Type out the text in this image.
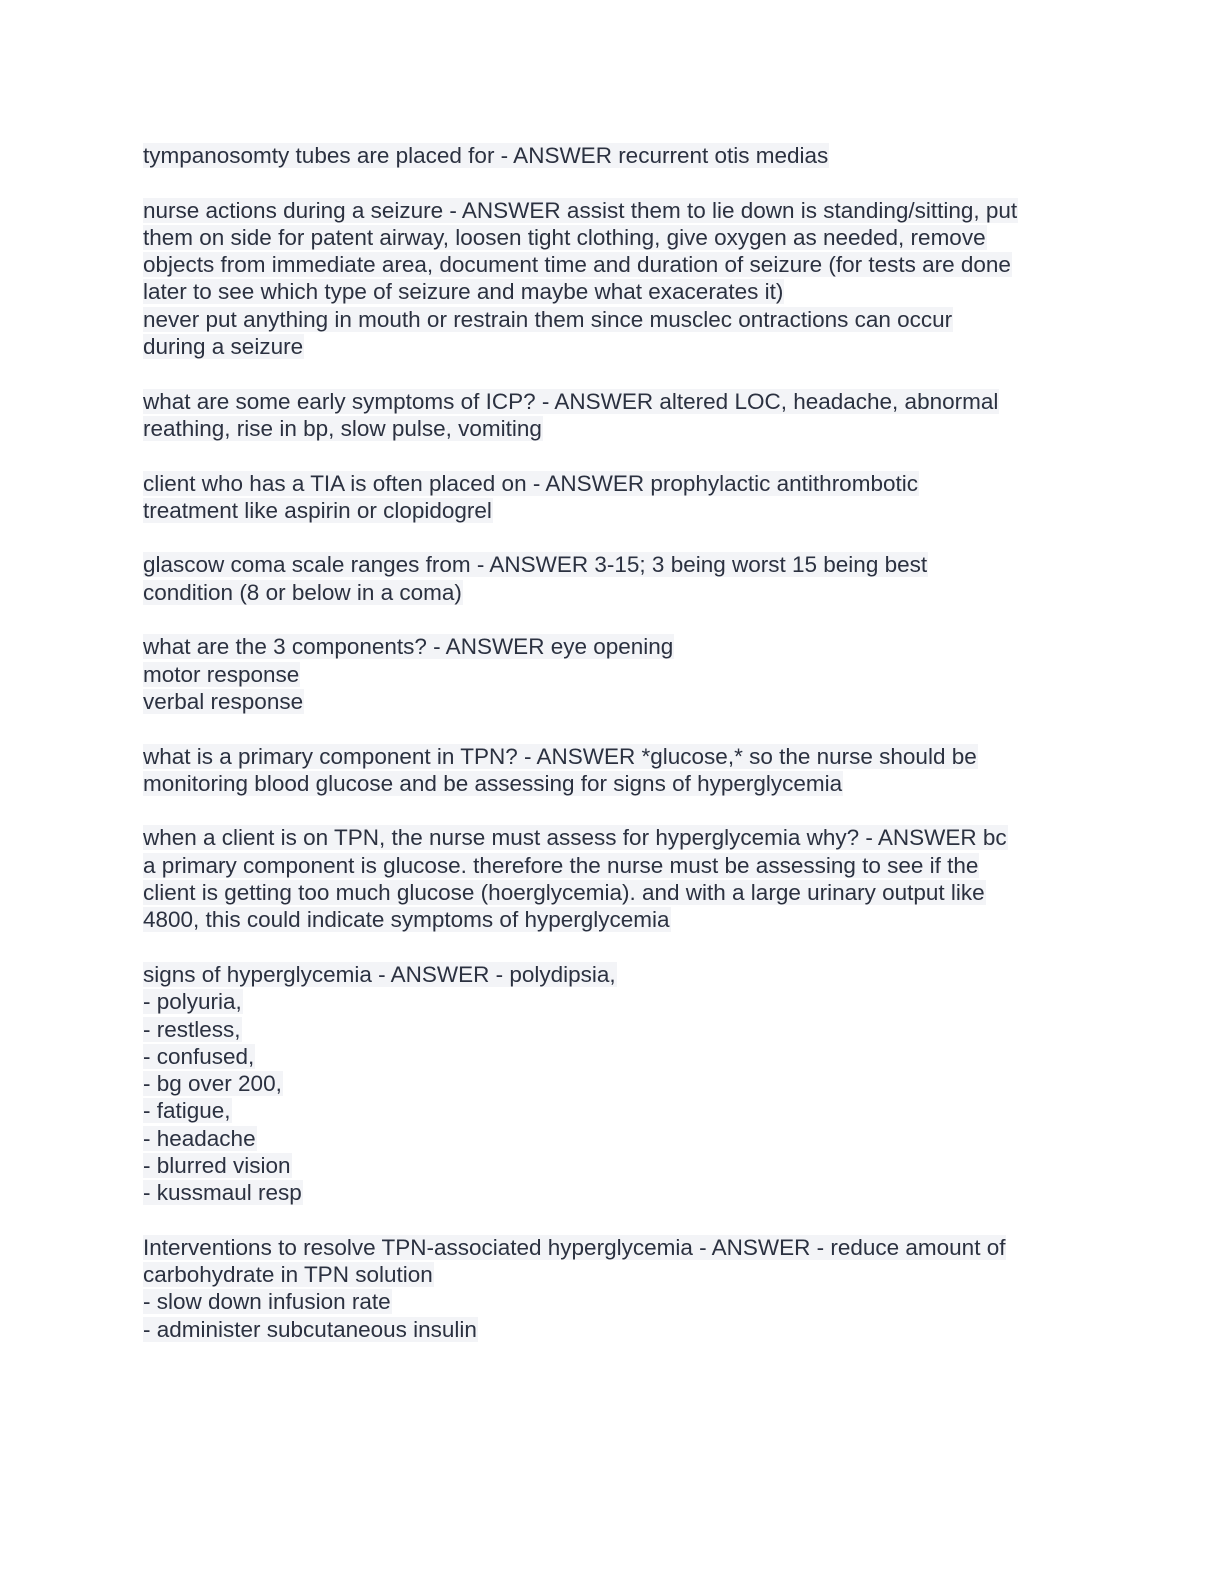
tympanosomty tubes are placed for - ANSWER recurrent otis medias
nurse actions during a seizure - ANSWER assist them to lie down is standing/sitting, put
them on side for patent airway, loosen tight clothing, give oxygen as needed, remove
objects from immediate area, document time and duration of seizure (for tests are done
later to see which type of seizure and maybe what exacerates it)
never put anything in mouth or restrain them since musclec ontractions can occur
during a seizure
what are some early symptoms of ICP? - ANSWER altered LOC, headache, abnormal
reathing, rise in bp, slow pulse, vomiting
client who has a TIA is often placed on - ANSWER prophylactic antithrombotic
treatment like aspirin or clopidogrel
glascow coma scale ranges from - ANSWER 3-15; 3 being worst 15 being best
condition (8 or below in a coma)
what are the 3 components? - ANSWER eye opening
motor response
verbal response
what is a primary component in TPN? - ANSWER *glucose,* so the nurse should be
monitoring blood glucose and be assessing for signs of hyperglycemia
when a client is on TPN, the nurse must assess for hyperglycemia why? - ANSWER bc
a primary component is glucose. therefore the nurse must be assessing to see if the
client is getting too much glucose (hoerglycemia). and with a large urinary output like
4800, this could indicate symptoms of hyperglycemia
signs of hyperglycemia - ANSWER - polydipsia,
- polyuria,
- restless,
- confused,
- bg over 200,
- fatigue,
- headache
- blurred vision
- kussmaul resp
Interventions to resolve TPN-associated hyperglycemia - ANSWER - reduce amount of
carbohydrate in TPN solution
- slow down infusion rate
- administer subcutaneous insulin
